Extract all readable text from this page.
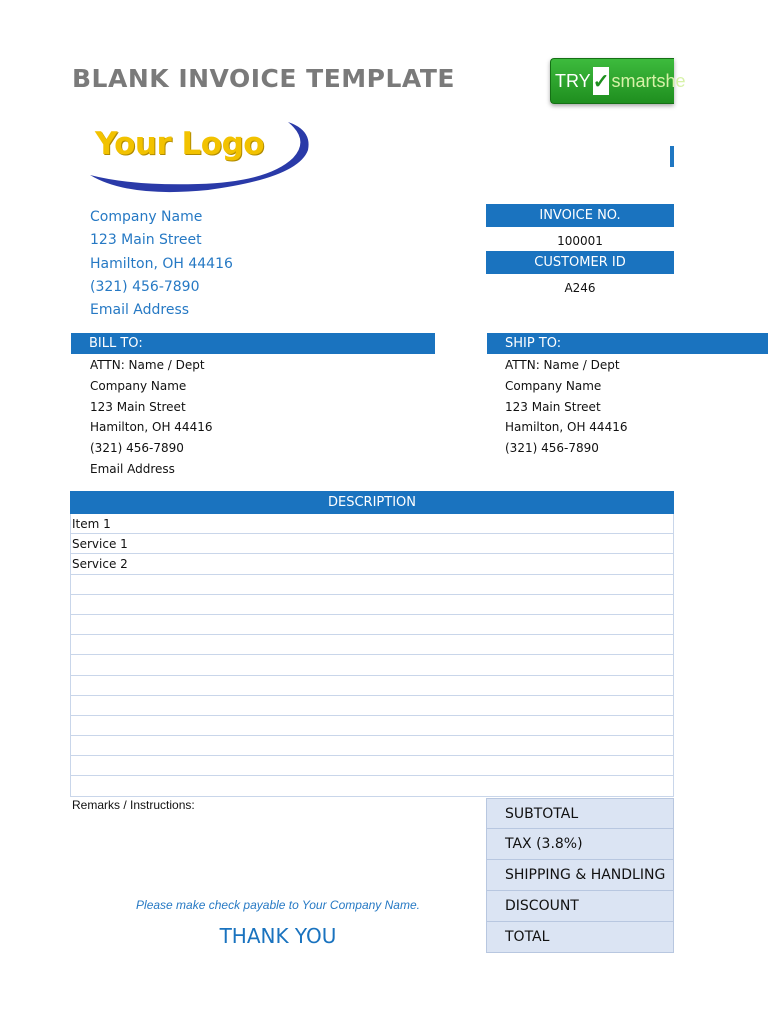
BLANK INVOICE TEMPLATE	TRY ✓ smartshe
Your Logo
Company Name
123 Main Street
Hamilton, OH 44416
(321) 456-7890
Email Address
INVOICE NO.
100001
CUSTOMER ID
A246
BILL TO:	SHIP TO:
ATTN: Name / Dept
Company Name
123 Main Street
Hamilton, OH 44416
(321) 456-7890
Email Address
ATTN: Name / Dept
Company Name
123 Main Street
Hamilton, OH 44416
(321) 456-7890
DESCRIPTION
Item 1
Service 1
Service 2
Remarks / Instructions:
SUBTOTAL
TAX (3.8%)
SHIPPING & HANDLING
DISCOUNT
TOTAL
Please make check payable to Your Company Name.
THANK YOU
